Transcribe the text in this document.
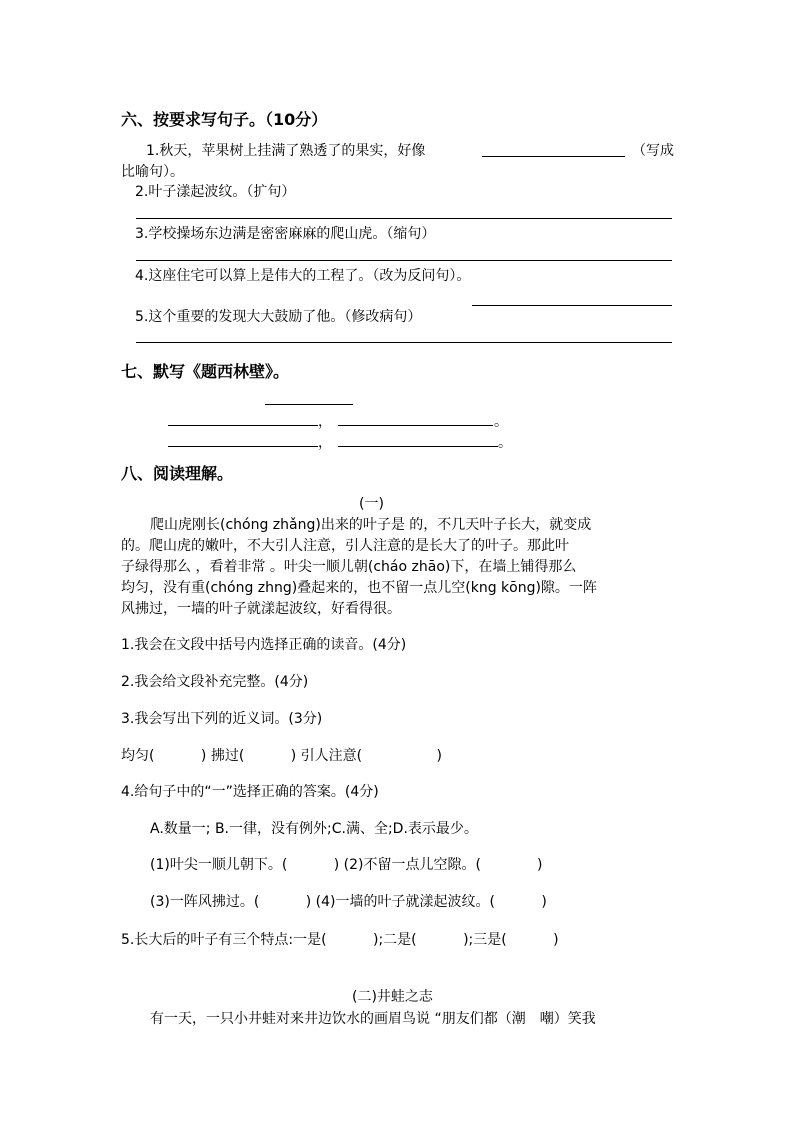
六、按要求写句子。（10分）
1.秋天，苹果树上挂满了熟透了的果实，好像	（写成
比喻句）。
2.叶子漾起波纹。（扩句）
3.学校操场东边满是密密麻麻的爬山虎。（缩句）
4.这座住宅可以算上是伟大的工程了。（改为反问句）。
5.这个重要的发现大大鼓励了他。（修改病句）
七、默写《题西林壁》。
，	。
，	。
八、阅读理解。
(一)
爬山虎刚长(chóng zhǎng)出来的叶子是 的，不几天叶子长大，就变成
的。爬山虎的嫩叶，不大引人注意，引人注意的是长大了的叶子。那此叶
子绿得那么 ，看着非常 。叶尖一顺儿朝(cháo zhāo)下，在墙上铺得那么
均匀，没有重(chóng zhng)叠起来的，也不留一点儿空(kng kōng)隙。一阵
风拂过，一墙的叶子就漾起波纹，好看得很。
1.我会在文段中括号内选择正确的读音。(4分)
2.我会给文段补充完整。(4分)
3.我会写出下列的近义词。(3分)
均匀(　　　 ) 拂过(　　　 ) 引人注意(　　　　　 )
4.给句子中的“一”选择正确的答案。(4分)
A.数量一; B.一律，没有例外;C.满、全;D.表示最少。
(1)叶尖一顺儿朝下。(　　　 ) (2)不留一点儿空隙。(　　　　)
(3)一阵风拂过。(　　　 ) (4)一墙的叶子就漾起波纹。(　　　 )
5.长大后的叶子有三个特点:一是(　　　 );二是(　　　 );三是(　　　 )
(二)井蛙之志
有一天，一只小井蛙对来井边饮水的画眉鸟说 “朋友们都（潮　嘲）笑我
